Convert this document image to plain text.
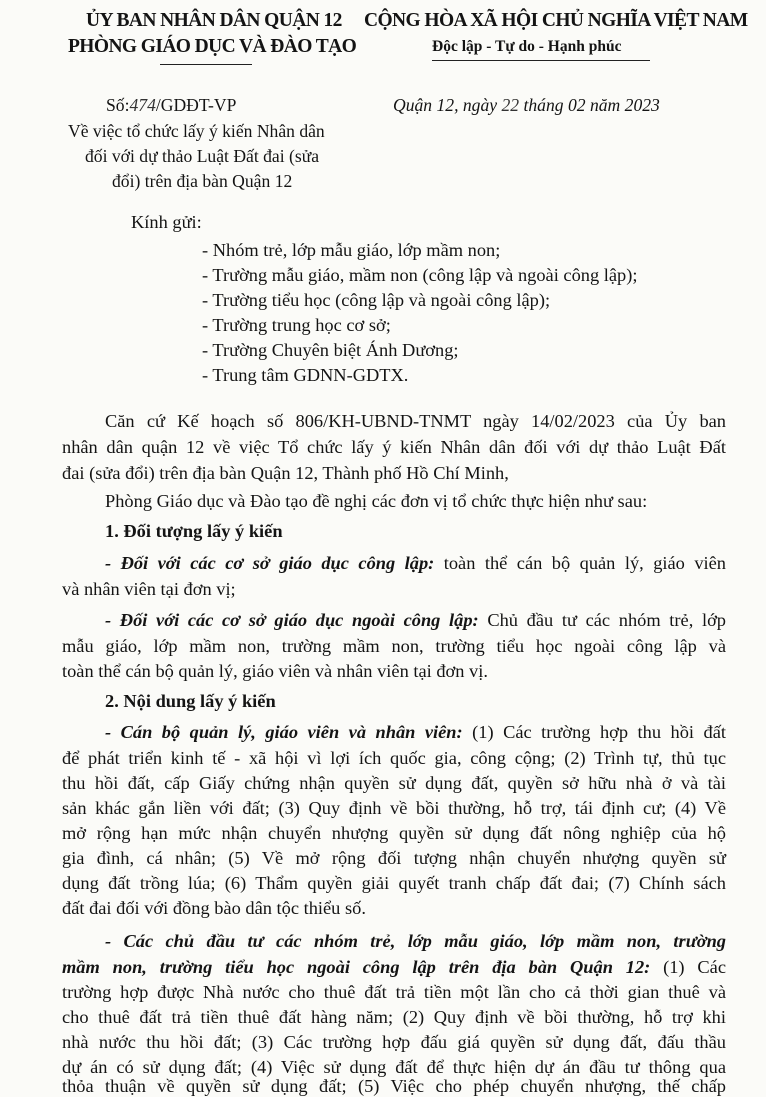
ỦY BAN NHÂN DÂN QUẬN 12
PHÒNG GIÁO DỤC VÀ ĐÀO TẠO
CỘNG HÒA XÃ HỘI CHỦ NGHĨA VIỆT NAM
Độc lập - Tự do - Hạnh phúc
Số:474/GDĐT-VP	Quận 12, ngày 22 tháng 02 năm 2023
Về việc tổ chức lấy ý kiến Nhân dân
đối với dự thảo Luật Đất đai (sửa
đổi) trên địa bàn Quận 12
Kính gửi:
- Nhóm trẻ, lớp mẫu giáo, lớp mầm non;
- Trường mẫu giáo, mầm non (công lập và ngoài công lập);
- Trường tiểu học (công lập và ngoài công lập);
- Trường trung học cơ sở;
- Trường Chuyên biệt Ánh Dương;
- Trung tâm GDNN-GDTX.
Căn cứ Kế hoạch số 806/KH-UBND-TNMT ngày 14/02/2023 của Ủy ban
nhân dân quận 12 về việc Tổ chức lấy ý kiến Nhân dân đối với dự thảo Luật Đất
đai (sửa đổi) trên địa bàn Quận 12, Thành phố Hồ Chí Minh,
Phòng Giáo dục và Đào tạo đề nghị các đơn vị tổ chức thực hiện như sau:
1. Đối tượng lấy ý kiến
- Đối với các cơ sở giáo dục công lập: toàn thể cán bộ quản lý, giáo viên
và nhân viên tại đơn vị;
- Đối với các cơ sở giáo dục ngoài công lập: Chủ đầu tư các nhóm trẻ, lớp
mẫu giáo, lớp mầm non, trường mầm non, trường tiểu học ngoài công lập và
toàn thể cán bộ quản lý, giáo viên và nhân viên tại đơn vị.
2. Nội dung lấy ý kiến
- Cán bộ quản lý, giáo viên và nhân viên: (1) Các trường hợp thu hồi đất
để phát triển kinh tế - xã hội vì lợi ích quốc gia, công cộng; (2) Trình tự, thủ tục
thu hồi đất, cấp Giấy chứng nhận quyền sử dụng đất, quyền sở hữu nhà ở và tài
sản khác gắn liền với đất; (3) Quy định về bồi thường, hỗ trợ, tái định cư; (4) Về
mở rộng hạn mức nhận chuyển nhượng quyền sử dụng đất nông nghiệp của hộ
gia đình, cá nhân; (5) Về mở rộng đối tượng nhận chuyển nhượng quyền sử
dụng đất trồng lúa; (6) Thẩm quyền giải quyết tranh chấp đất đai; (7) Chính sách
đất đai đối với đồng bào dân tộc thiểu số.
- Các chủ đầu tư các nhóm trẻ, lớp mẫu giáo, lớp mầm non, trường
mầm non, trường tiểu học ngoài công lập trên địa bàn Quận 12: (1) Các
trường hợp được Nhà nước cho thuê đất trả tiền một lần cho cả thời gian thuê và
cho thuê đất trả tiền thuê đất hàng năm; (2) Quy định về bồi thường, hỗ trợ khi
nhà nước thu hồi đất; (3) Các trường hợp đấu giá quyền sử dụng đất, đấu thầu
dự án có sử dụng đất; (4) Việc sử dụng đất để thực hiện dự án đầu tư thông qua
thỏa thuận về quyền sử dụng đất; (5) Việc cho phép chuyển nhượng, thế chấp
